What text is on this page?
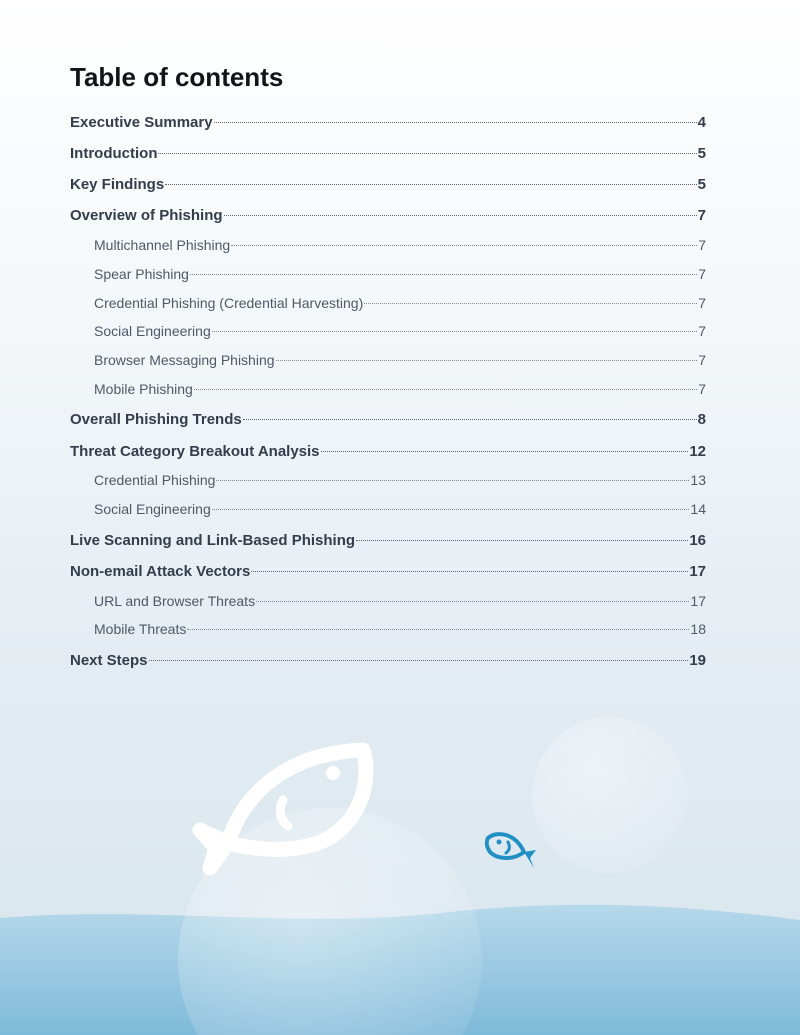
Table of contents
Executive Summary	4
Introduction	5
Key Findings	5
Overview of Phishing	7
Multichannel Phishing	7
Spear Phishing	7
Credential Phishing (Credential Harvesting)	7
Social Engineering	7
Browser Messaging Phishing	7
Mobile Phishing	7
Overall Phishing Trends	8
Threat Category Breakout Analysis	12
Credential Phishing	13
Social Engineering	14
Live Scanning and Link-Based Phishing	16
Non-email Attack Vectors	17
URL and Browser Threats	17
Mobile Threats	18
Next Steps	19
